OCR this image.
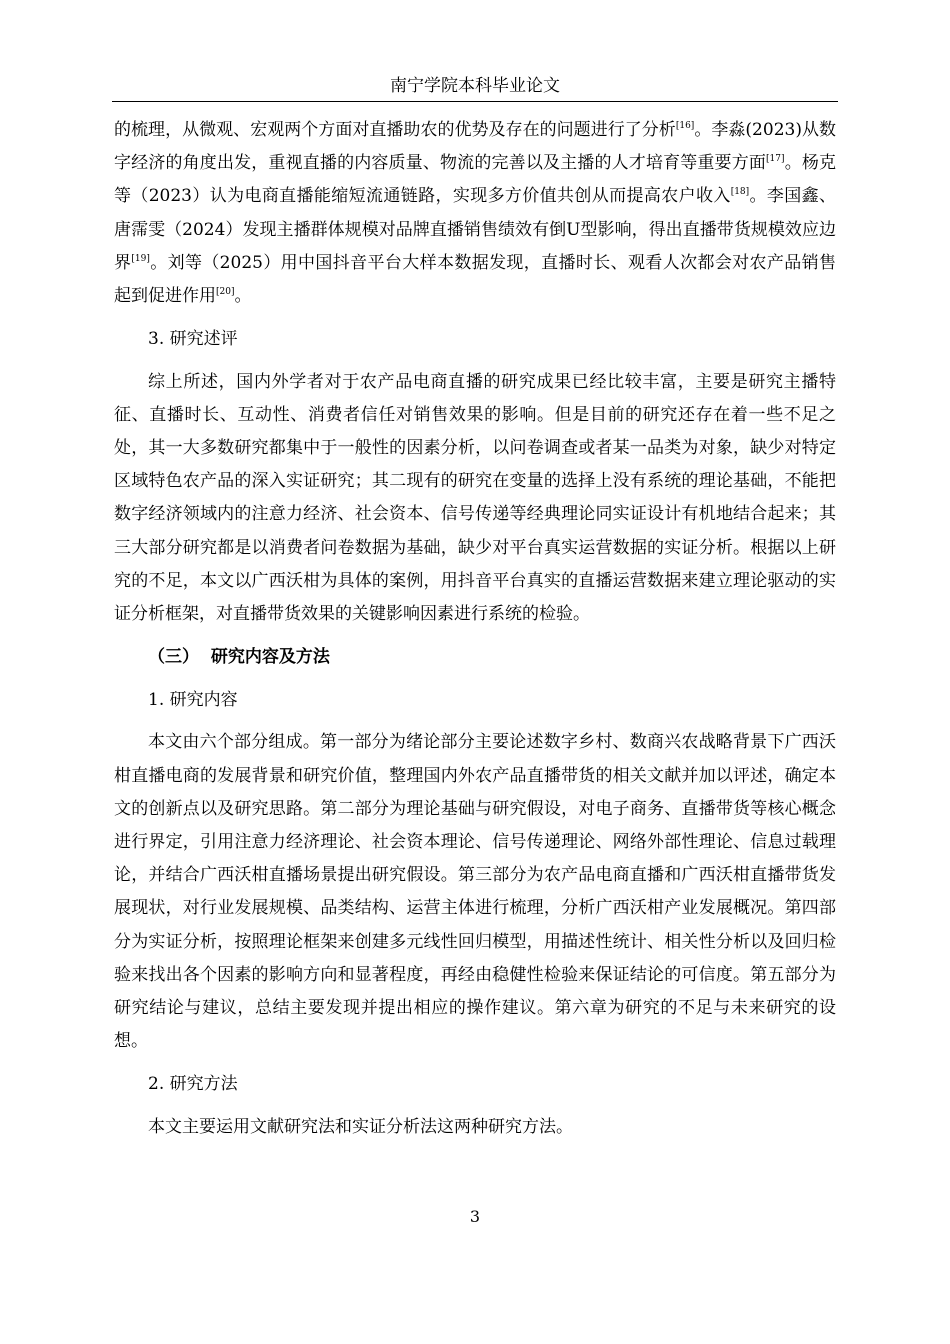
南宁学院本科毕业论文

的梳理，从微观、宏观两个方面对直播助农的优势及存在的问题进行了分析[16]。李淼(2023)从数字经济的角度出发，重视直播的内容质量、物流的完善以及主播的人才培育等重要方面[17]。杨克等（2023）认为电商直播能缩短流通链路，实现多方价值共创从而提高农户收入[18]。李国鑫、唐霈雯（2024）发现主播群体规模对品牌直播销售绩效有倒U型影响，得出直播带货规模效应边界[19]。刘等（2025）用中国抖音平台大样本数据发现，直播时长、观看人次都会对农产品销售起到促进作用[20]。

3. 研究述评

综上所述，国内外学者对于农产品电商直播的研究成果已经比较丰富，主要是研究主播特征、直播时长、互动性、消费者信任对销售效果的影响。但是目前的研究还存在着一些不足之处，其一大多数研究都集中于一般性的因素分析，以问卷调查或者某一品类为对象，缺少对特定区域特色农产品的深入实证研究；其二现有的研究在变量的选择上没有系统的理论基础，不能把数字经济领域内的注意力经济、社会资本、信号传递等经典理论同实证设计有机地结合起来；其三大部分研究都是以消费者问卷数据为基础，缺少对平台真实运营数据的实证分析。根据以上研究的不足，本文以广西沃柑为具体的案例，用抖音平台真实的直播运营数据来建立理论驱动的实证分析框架，对直播带货效果的关键影响因素进行系统的检验。

（三） 研究内容及方法

1. 研究内容

本文由六个部分组成。第一部分为绪论部分主要论述数字乡村、数商兴农战略背景下广西沃柑直播电商的发展背景和研究价值，整理国内外农产品直播带货的相关文献并加以评述，确定本文的创新点以及研究思路。第二部分为理论基础与研究假设，对电子商务、直播带货等核心概念进行界定，引用注意力经济理论、社会资本理论、信号传递理论、网络外部性理论、信息过载理论，并结合广西沃柑直播场景提出研究假设。第三部分为农产品电商直播和广西沃柑直播带货发展现状，对行业发展规模、品类结构、运营主体进行梳理，分析广西沃柑产业发展概况。第四部分为实证分析，按照理论框架来创建多元线性回归模型，用描述性统计、相关性分析以及回归检验来找出各个因素的影响方向和显著程度，再经由稳健性检验来保证结论的可信度。第五部分为研究结论与建议，总结主要发现并提出相应的操作建议。第六章为研究的不足与未来研究的设想。

2. 研究方法

本文主要运用文献研究法和实证分析法这两种研究方法。

3
